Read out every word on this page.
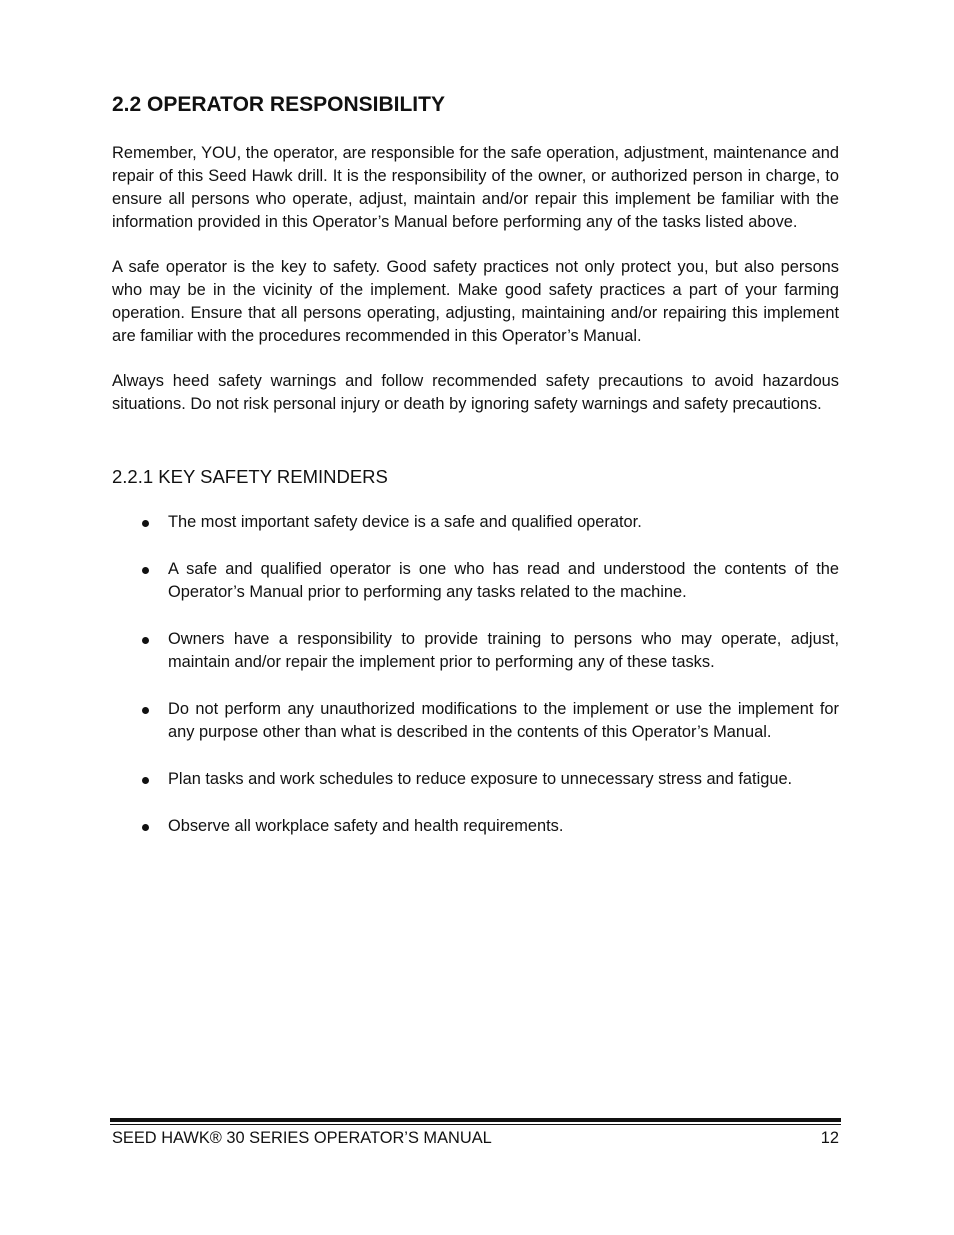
2.2 OPERATOR RESPONSIBILITY

Remember, YOU, the operator, are responsible for the safe operation, adjustment, maintenance and repair of this Seed Hawk drill. It is the responsibility of the owner, or authorized person in charge, to ensure all persons who operate, adjust, maintain and/or repair this implement be familiar with the information provided in this Operator’s Manual before performing any of the tasks listed above.

A safe operator is the key to safety. Good safety practices not only protect you, but also persons who may be in the vicinity of the implement. Make good safety practices a part of your farming operation. Ensure that all persons operating, adjusting, maintaining and/or repairing this implement are familiar with the procedures recommended in this Operator’s Manual.

Always heed safety warnings and follow recommended safety precautions to avoid hazardous situations. Do not risk personal injury or death by ignoring safety warnings and safety precautions.

2.2.1 KEY SAFETY REMINDERS
The most important safety device is a safe and qualified operator.
A safe and qualified operator is one who has read and understood the contents of the Operator’s Manual prior to performing any tasks related to the machine.
Owners have a responsibility to provide training to persons who may operate, adjust, maintain and/or repair the implement prior to performing any of these tasks.
Do not perform any unauthorized modifications to the implement or use the implement for any purpose other than what is described in the contents of this Operator’s Manual.
Plan tasks and work schedules to reduce exposure to unnecessary stress and fatigue.
Observe all workplace safety and health requirements.
SEED HAWK® 30 SERIES OPERATOR’S MANUAL	12
